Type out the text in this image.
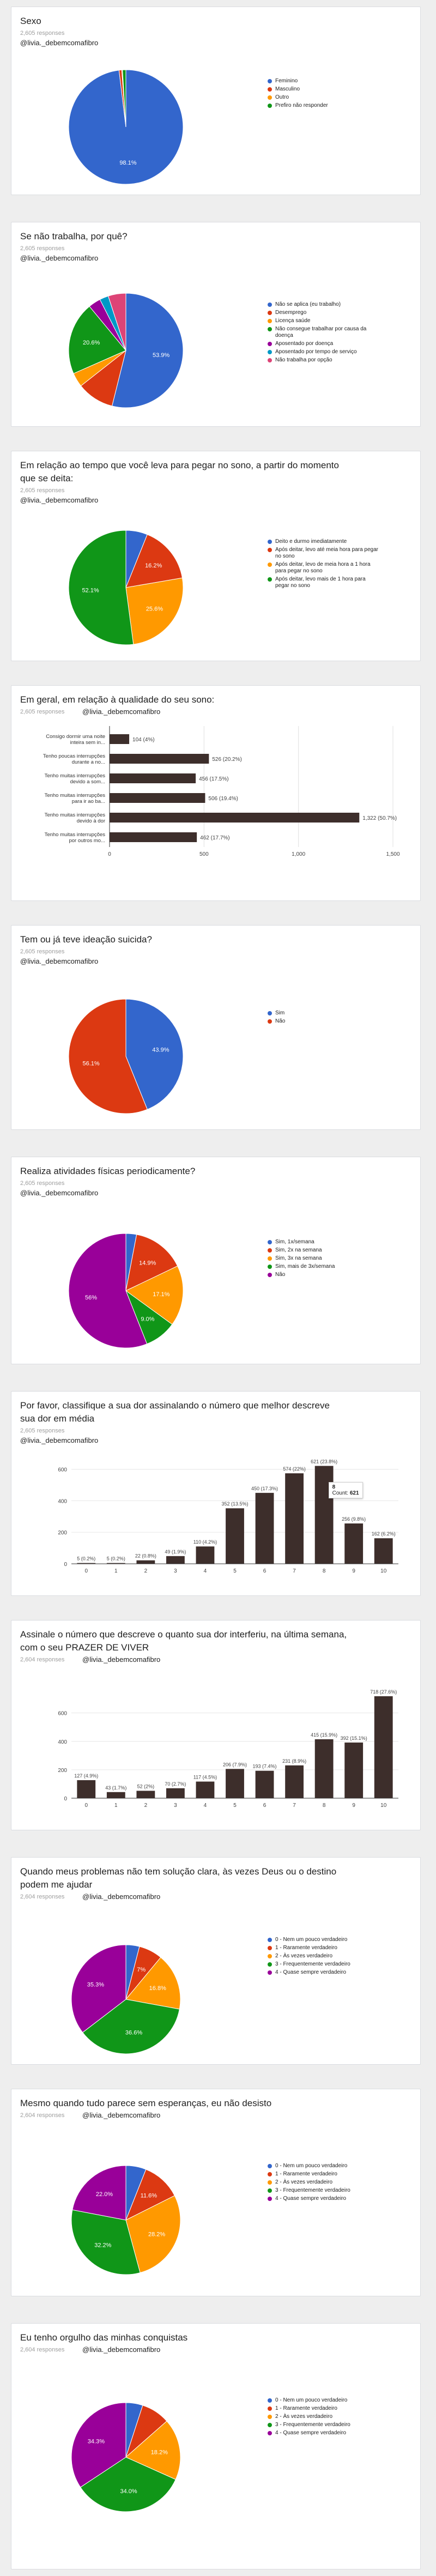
Sexo
2,605 responses
@livia._debemcomafibro
98.1%
Feminino
Masculino
Outro
Prefiro não responder
Se não trabalha, por quê?
2,605 responses
@livia._debemcomafibro
53.9%
20.6%
Não se aplica (eu trabalho)
Desemprego
Licença saúde
Não consegue trabalhar por causa da doença
Aposentado por doença
Aposentado por tempo de serviço
Não trabalha por opção
Em relação ao tempo que você leva para pegar no sono, a partir do momento que se deita:
2,605 responses
@livia._debemcomafibro
16.2%
25.6%
52.1%
Deito e durmo imediatamente
Após deitar, levo até meia hora para pegar no sono
Após deitar, levo de meia hora a 1 hora para pegar no sono
Após deitar, levo mais de 1 hora para pegar no sono
Em geral, em relação à qualidade do seu sono:
2,605 responses	@livia._debemcomafibro
0	500	1,000	1,500
Consigo dormir uma noite inteira sem in...	104 (4%)
Tenho poucas interrupções durante a no...	526 (20.2%)
Tenho muitas interrupções devido a som...	456 (17.5%)
Tenho muitas interrupções para ir ao ba...	506 (19.4%)
Tenho muitas interrupções devido à dor	1,322 (50.7%)
Tenho muitas interrupções por outros mo...	462 (17.7%)
Tem ou já teve ideação suicida?
2,605 responses
@livia._debemcomafibro
43.9%
56.1%
Sim
Não
Realiza atividades físicas periodicamente?
2,605 responses
@livia._debemcomafibro
14.9%
17.1%
9.0%
56%
Sim, 1x/semana
Sim, 2x na semana
Sim, 3x na semana
Sim, mais de 3x/semana
Não
Por favor, classifique a sua dor assinalando o número que melhor descreve sua dor em média
2,605 responses
@livia._debemcomafibro
0
200
400
600
5 (0.2%)
0
5 (0.2%)
1
22 (0.8%)
2
49 (1.9%)
3
110 (4.2%)
4
352 (13.5%)
5
450 (17.3%)
6
574 (22%)
7
621 (23.8%)
8
256 (9.8%)
9
162 (6.2%)
10
8
Count: 621
Assinale o número que descreve o quanto sua dor interferiu, na última semana, com o seu PRAZER DE VIVER
2,604 responses	@livia._debemcomafibro
0
200
400
600
127 (4.9%)
0
43 (1.7%)
1
52 (2%)
2
70 (2.7%)
3
117 (4.5%)
4
206 (7.9%)
5
193 (7.4%)
6
231 (8.9%)
7
415 (15.9%)
8
392 (15.1%)
9
718 (27.6%)
10
Quando meus problemas não tem solução clara, às vezes Deus ou o destino podem me ajudar
2,604 responses	@livia._debemcomafibro
7%
16.8%
36.6%
35.3%
0 - Nem um pouco verdadeiro
1 - Raramente verdadeiro
2 - Às vezes verdadeiro
3 - Frequentemente verdadeiro
4 - Quase sempre verdadeiro
Mesmo quando tudo parece sem esperanças, eu não desisto
2,604 responses	@livia._debemcomafibro
11.6%
28.2%
32.2%
22.0%
0 - Nem um pouco verdadeiro
1 - Raramente verdadeiro
2 - Às vezes verdadeiro
3 - Frequentemente verdadeiro
4 - Quase sempre verdadeiro
Eu tenho orgulho das minhas conquistas
2,604 responses	@livia._debemcomafibro
18.2%
34.0%
34.3%
0 - Nem um pouco verdadeiro
1 - Raramente verdadeiro
2 - Às vezes verdadeiro
3 - Frequentemente verdadeiro
4 - Quase sempre verdadeiro
